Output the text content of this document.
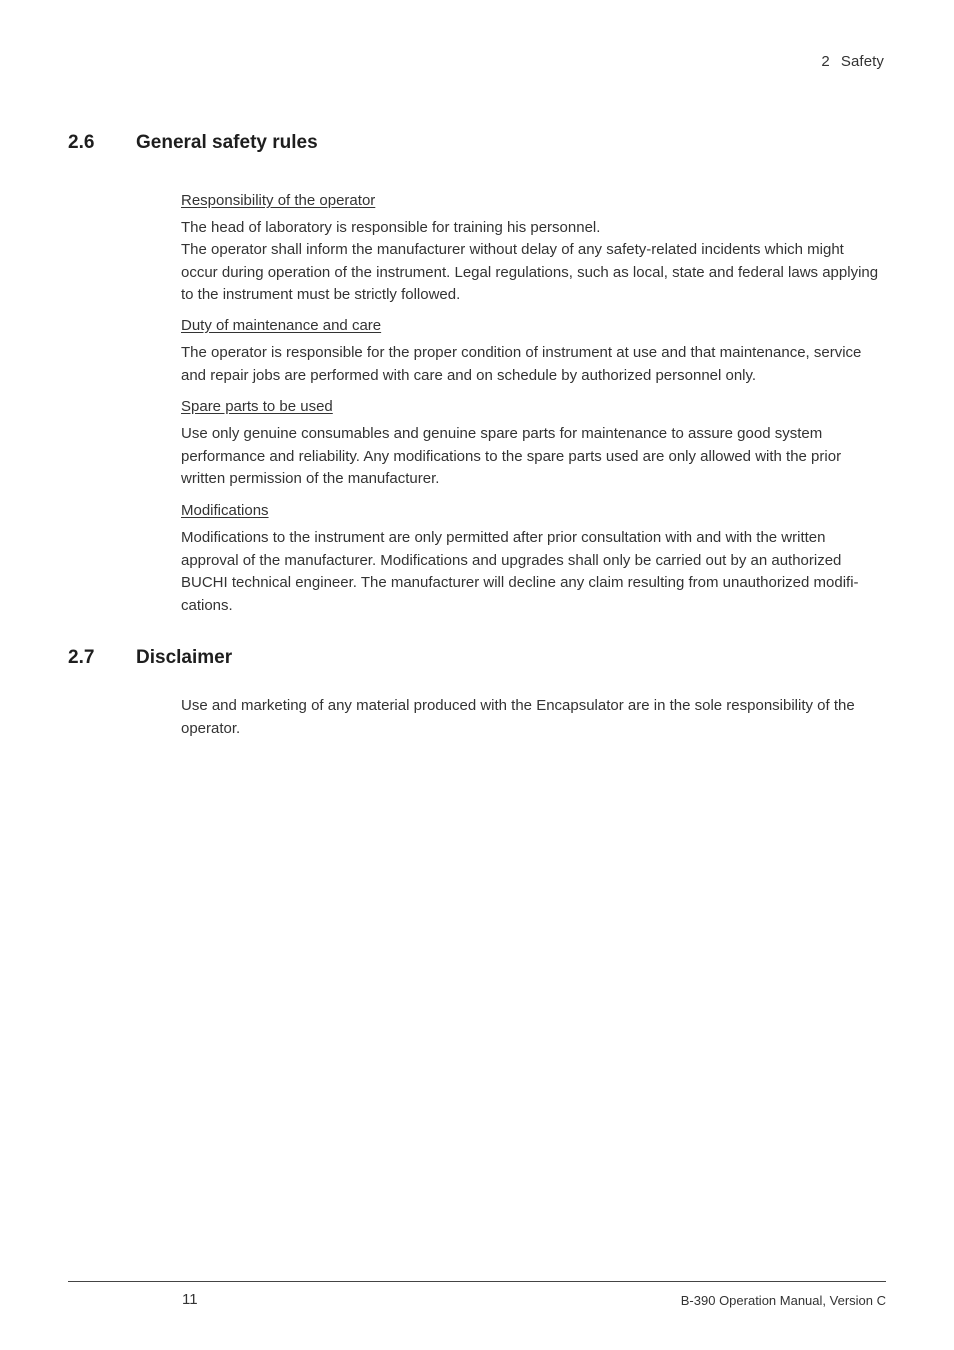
2 Safety
2.6 General safety rules

Responsibility of the operator

The head of laboratory is responsible for training his personnel.

The operator shall inform the manufacturer without delay of any safety-related incidents which might occur during operation of the instrument. Legal regulations, such as local, state and federal laws applying to the instrument must be strictly followed.

Duty of maintenance and care

The operator is responsible for the proper condition of instrument at use and that maintenance, service and repair jobs are performed with care and on schedule by authorized personnel only.

Spare parts to be used

Use only genuine consumables and genuine spare parts for maintenance to assure good system performance and reliability. Any modifications to the spare parts used are only allowed with the prior written permission of the manufacturer.

Modifications

Modifications to the instrument are only permitted after prior consultation with and with the written approval of the manufacturer. Modifications and upgrades shall only be carried out by an authorized BUCHI technical engineer. The manufacturer will decline any claim resulting from unauthorized modifi-cations.

2.7 Disclaimer

Use and marketing of any material produced with the Encapsulator are in the sole responsibility of the operator.

11	B-390 Operation Manual, Version C
